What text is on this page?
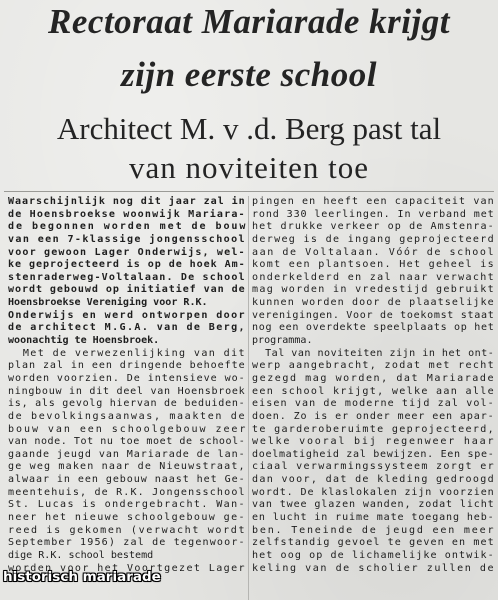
Rectoraat Mariarade krijgt
zijn eerste school
Architect M. v .d. Berg past tal
van noviteiten toe
Waarschijnlijk nog dit jaar zal in
de Hoensbroekse woonwijk Mariara-
de begonnen worden met de bouw
van een 7-klassige jongensschool
voor gewoon Lager Onderwijs, wel-
ke geprojecteerd is op de hoek Am-
stenraderweg-Voltalaan. De school
wordt gebouwd op initiatief van de
Hoensbroekse Vereniging voor R.K.
Onderwijs en werd ontworpen door
de architect M.G.A. van de Berg,
woonachtig te Hoensbroek.
Met de verwezenlijking van dit
plan zal in een dringende behoefte
worden voorzien. De intensieve wo-
ningbouw in dit deel van Hoensbroek
is, als gevolg hiervan de beduiden-
de bevolkingsaanwas, maakten de
bouw van een schoolgebouw zeer
van node. Tot nu toe moet de school-
gaande jeugd van Mariarade de lan-
ge weg maken naar de Nieuwstraat,
alwaar in een gebouw naast het Ge-
meentehuis, de R.K. Jongensschool
St. Lucas is ondergebracht. Wan-
neer het nieuwe schoolgebouw ge-
reed is gekomen (verwacht wordt
September 1956) zal de tegenwoor-
dige R.K. school bestemd
worden voor het Voortgezet Lager
pingen en heeft een capaciteit van
rond 330 leerlingen. In verband met
het drukke verkeer op de Amstenra-
derweg is de ingang geprojecteerd
aan de Voltalaan. Vóór de school
komt een plantsoen. Het geheel is
onderkelderd en zal naar verwacht
mag worden in vredestijd gebruikt
kunnen worden door de plaatselijke
verenigingen. Voor de toekomst staat
nog een overdekte speelplaats op het
programma.
Tal van noviteiten zijn in het ont-
werp aangebracht, zodat met recht
gezegd mag worden, dat Mariarade
een school krijgt, welke aan alle
eisen van de moderne tijd zal vol-
doen. Zo is er onder meer een apar-
te garderoberuimte geprojecteerd,
welke vooral bij regenweer haar
doelmatigheid zal bewijzen. Een spe-
ciaal verwarmingssysteem zorgt er
dan voor, dat de kleding gedroogd
wordt. De klaslokalen zijn voorzien
van twee glazen wanden, zodat licht
en lucht in ruime mate toegang heb-
ben. Teneinde de jeugd een meer
zelfstandig gevoel te geven en met
het oog op de lichamelijke ontwik-
keling van de scholier zullen de
historisch mariarade
